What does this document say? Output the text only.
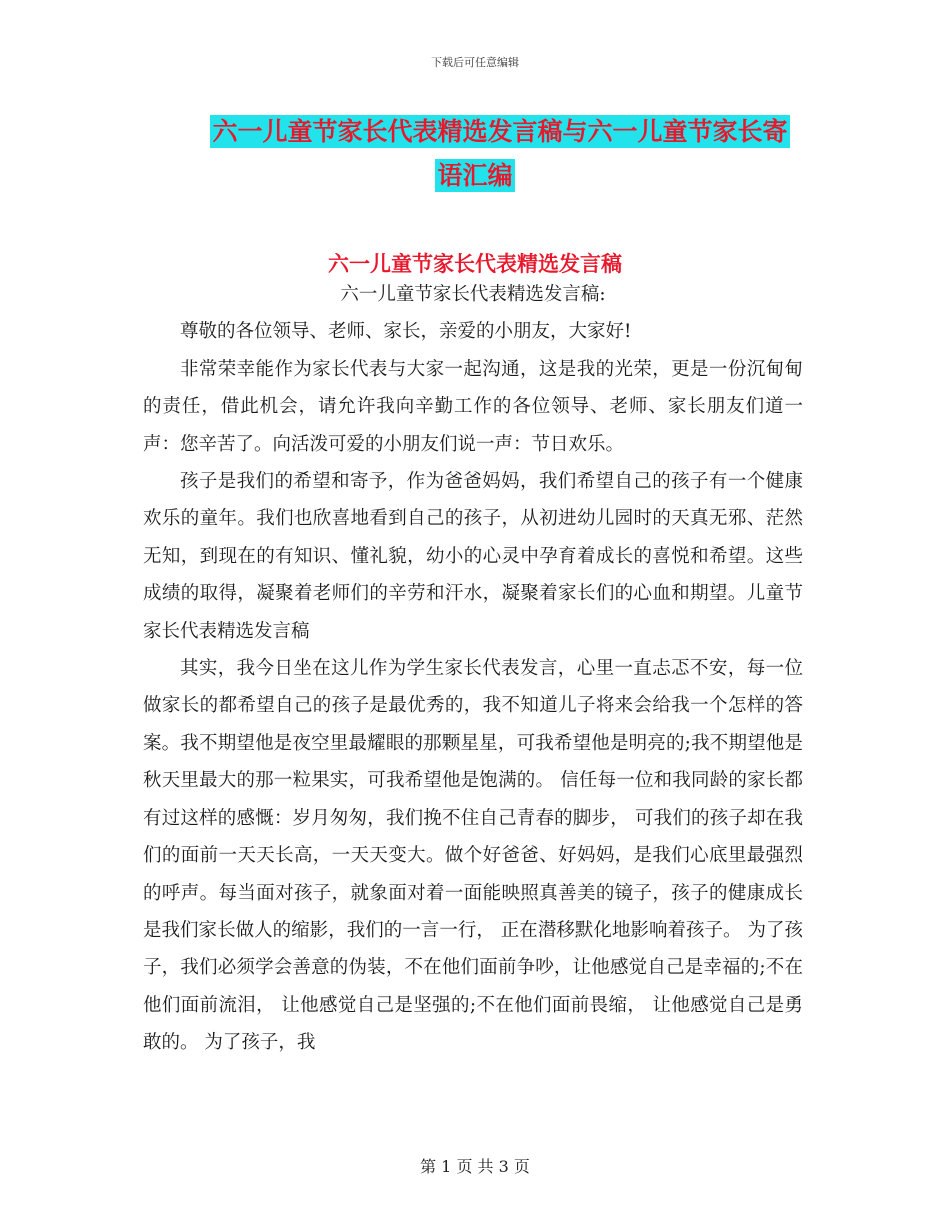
下载后可任意编辑
六一儿童节家长代表精选发言稿与六一儿童节家长寄
语汇编
六一儿童节家长代表精选发言稿

六一儿童节家长代表精选发言稿:

尊敬的各位领导、老师、家长，亲爱的小朋友，大家好!

非常荣幸能作为家长代表与大家一起沟通，这是我的光荣，更是一份沉甸甸的责任，借此机会，请允许我向辛勤工作的各位领导、老师、家长朋友们道一声：您辛苦了。向活泼可爱的小朋友们说一声：节日欢乐。

孩子是我们的希望和寄予，作为爸爸妈妈，我们希望自己的孩子有一个健康欢乐的童年。我们也欣喜地看到自己的孩子，从初进幼儿园时的天真无邪、茫然无知，到现在的有知识、懂礼貌，幼小的心灵中孕育着成长的喜悦和希望。这些成绩的取得，凝聚着老师们的辛劳和汗水，凝聚着家长们的心血和期望。儿童节家长代表精选发言稿

其实，我今日坐在这儿作为学生家长代表发言，心里一直忐忑不安，每一位做家长的都希望自己的孩子是最优秀的，我不知道儿子将来会给我一个怎样的答案。我不期望他是夜空里最耀眼的那颗星星，可我希望他是明亮的;我不期望他是秋天里最大的那一粒果实，可我希望他是饱满的。 信任每一位和我同龄的家长都有过这样的感慨：岁月匆匆，我们挽不住自己青春的脚步， 可我们的孩子却在我们的面前一天天长高，一天天变大。做个好爸爸、好妈妈，是我们心底里最强烈的呼声。每当面对孩子，就象面对着一面能映照真善美的镜子，孩子的健康成长是我们家长做人的缩影，我们的一言一行， 正在潜移默化地影响着孩子。 为了孩子，我们必须学会善意的伪装，不在他们面前争吵，让他感觉自己是幸福的;不在他们面前流泪， 让他感觉自己是坚强的;不在他们面前畏缩， 让他感觉自己是勇敢的。 为了孩子，我

第 1 页 共 3 页
